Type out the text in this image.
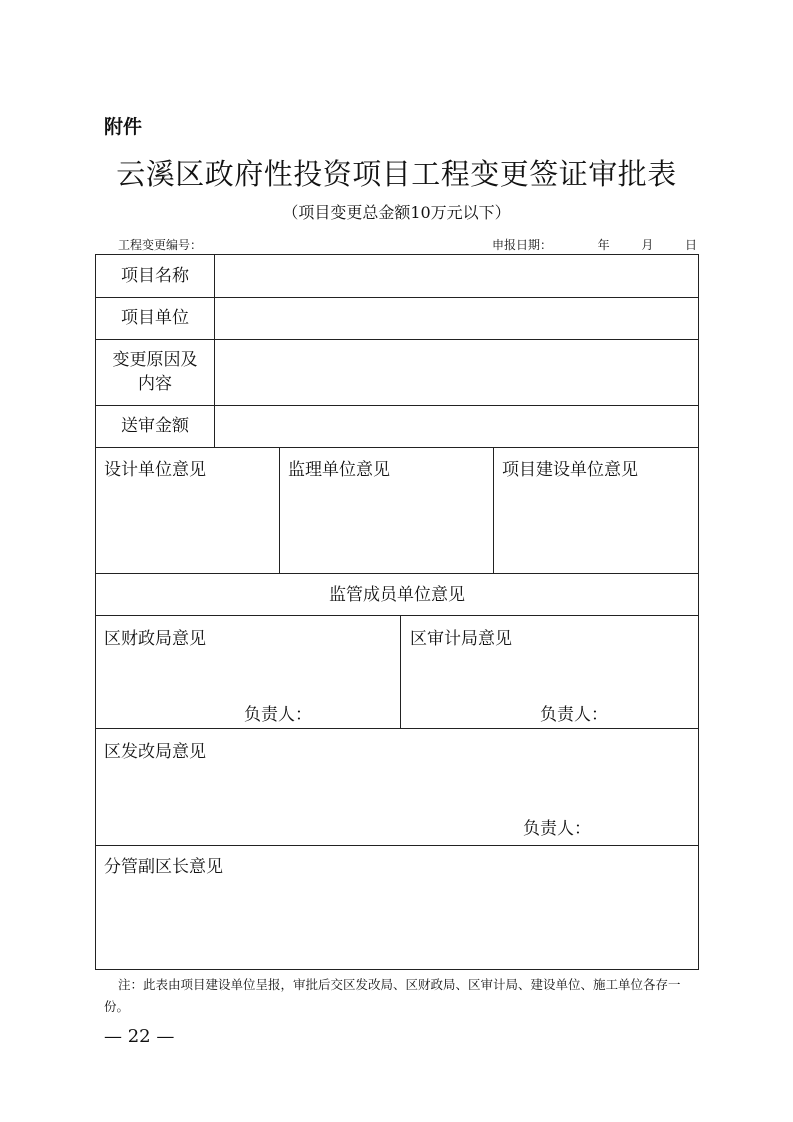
附件
云溪区政府性投资项目工程变更签证审批表
（项目变更总金额10万元以下）
工程变更编号：	申报日期：	年	月	日
项目名称
项目单位
变更原因及
内容
送审金额
设计单位意见	监理单位意见	项目建设单位意见
监管成员单位意见
区财政局意见
负责人：
区审计局意见
负责人：
区发改局意见
负责人：
分管副区长意见
注：此表由项目建设单位呈报，审批后交区发改局、区财政局、区审计局、建设单位、施工单位各存一份。
— 22 —
